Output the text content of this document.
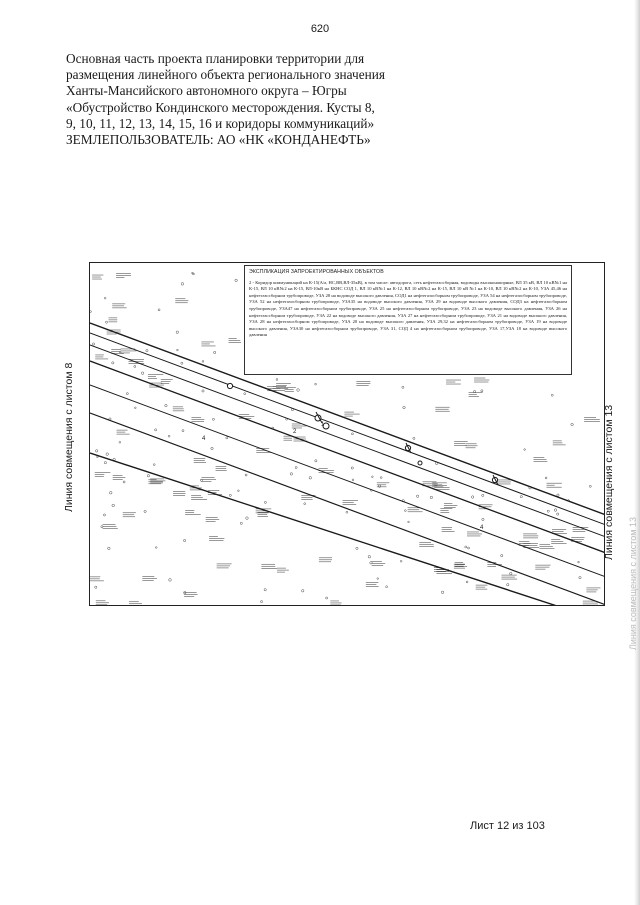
620
Основная часть проекта планировки территории для
размещения линейного объекта регионального значения
Ханты-Мансийского автономного округа – Югры
«Обустройство Кондинского месторождения. Кусты 8,
9, 10, 11, 12, 13, 14, 15, 16 и коридоры коммуникаций»
ЗЕМЛЕПОЛЬЗОВАТЕЛЬ: АО «НК «КОНДАНЕФТЬ»
2
1
4
4
ЭКСПЛИКАЦИЯ ЗАПРОЕКТИРОВАННЫХ ОБЪЕКТОВ
2 - Коридор коммуникаций на К-15(А/а, НС,ВВ,ВЛ-35кВ), в том числе: автодорога, сеть нефтегазосборная, водоводы высоконапорные, ВЛ 35 кВ, ВЛ 10 кВ№1 на К-15, ВЛ 10 кВ№2 на К-15, ВЛ-10кВ на БКНС СОД 1, ВЛ 10 кВ№1 на К-12, ВЛ 10 кВ№2 на К-15, ВЛ 10 кВ №1 на К-10, ВЛ 10 кВ№2 на К-10, УЗА 45,46 на нефтегазосборном трубопроводе, УЗА 28 на водоводе высокого давления, СОД1 на нефтегазосборном трубопроводе, УЗА 54 на нефтегазосборном трубопроводе, УЗА 52 на нефтегазосборном трубопроводе, УЗА35 на водоводе высокого давления, УЗА 29 на водоводе высокого давления, СОД3 на нефтегазосборном трубопроводе, УЗА47 на нефтегазосборном трубопроводе, УЗА 25 на нефтегазосборном трубопроводе, УЗА 23 на водоводе высокого давления, УЗА 26 на нефтегазосборном трубопроводе, УЗА 22 на водоводе высокого давления, УЗА 27 на нефтегазосборном трубопроводе, УЗА 21 на водоводе высокого давления, УЗА 28 на нефтегазосборном трубопроводе, УЗА 20 на водоводе высокого давления, УЗА 29,32 на нефтегазосборном трубопроводе, УЗА 19 на водоводе высокого давления, УЗА30 на нефтегазосборном трубопроводе, УЗА 31, СОД 4 на нефтегазосборном трубопроводе, УЗА 17,УЗА 18 на водоводе высокого давления
Линия совмещения с листом 8	Линия совмещения с листом 13
Линия совмещения с листом 13
Лист 12 из 103
